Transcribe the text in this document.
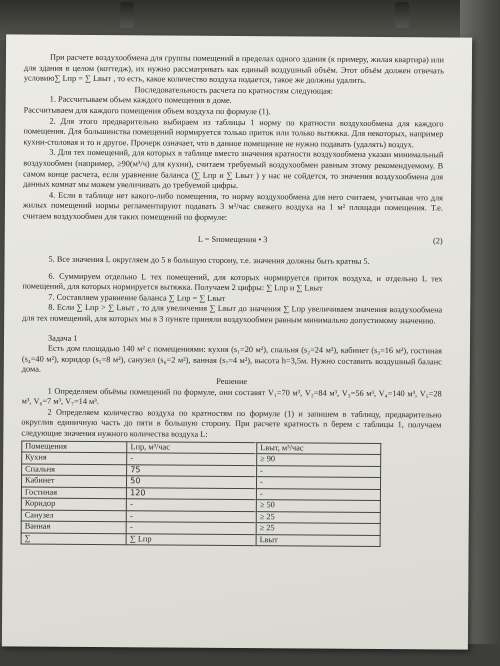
При расчете воздухообмена для группы помещений в пределах одного здания (к примеру, жилая квартира) или для здания в целом (коттедж), их нужно рассматривать как единый воздушный объём. Этот объём должен отвечать условию∑ Lпр = ∑ Lвыт , то есть, какое количество воздуха подается, такое же должны удалить.

Последовательность расчета по кратностям следующая:

1. Рассчитываем объем каждого помещения в доме.

Рассчитываем для каждого помещения объем воздуха по формуле (1).

2. Для этого предварительно выбираем из таблицы 1 норму по кратности воздухообмена для каждого помещения. Для большинства помещений нормируется только приток или только вытяжка. Для некоторых, например кухни-столовая и то и другое. Прочерк означает, что в данное помещение не нужно подавать (удалять) воздух.

3. Для тех помещений, для которых в таблице вместо значения кратности воздухообмена указан минимальный воздухообмен (например, ≥90(м³/ч) для кухни), считаем требуемый воздухообмен равным этому рекомендуемому. В самом конце расчета, если уравнение баланса (∑ Lпр и ∑ Lвыт ) у нас не сойдется, то значения воздухообмена для данных комнат мы можем увеличивать до требуемой цифры.

4. Если в таблице нет какого-либо помещения, то норму воздухообмена для него считаем, учитывая что для жилых помещений нормы регламентируют подавать 3 м³/час свежего воздуха на 1 м² площади помещения. Т.е. считаем воздухообмен для таких помещений по формуле:

L = Sпомещения • 3	(2)

5. Все значения L округляем до 5 в большую сторону, т.е. значения должны быть кратны 5.

6. Суммируем отдельно L тех помещений, для которых нормируется приток воздуха, и отдельно L тех помещений, для которых нормируется вытяжка. Получаем 2 цифры: ∑ Lпр и ∑ Lвыт

7. Составляем уравнение баланса ∑ Lпр = ∑ Lвыт

8. Если ∑ Lпр > ∑ Lвыт , то для увеличения ∑ Lвыт до значения ∑ Lпр увеличиваем значения воздухообмена для тех помещений, для которых мы в 3 пункте приняли воздухообмен равным минимально допустимому значению.

Задача 1

Есть дом площадью 140 м² с помещениями: кухня (s₁=20 м²), спальня (s₂=24 м²), кабинет (s₃=16 м²), гостиная (s₄=40 м²), коридор (s₅=8 м²), санузел (s₆=2 м²), ванная (s₇=4 м²), высота h=3,5м. Нужно составить воздушный баланс дома.

Решение

1 Определяем объёмы помещений по формуле, они составят V₁=70 м³, V₂=84 м³, V₃=56 м³, V₄=140 м³, V₅=28 м³, V₆=7 м³, V₇=14 м³.

2 Определяем количество воздуха по кратностям по формуле (1) и запишем в таблицу, предварительно округлив единичную часть до пяти в большую сторону. При расчете кратность n берем с таблицы 1, получаем следующие значения нужного количества воздуха L:

Помещения	Lпр, м³/час	Lвыт, м³/час
Кухня	-	≥ 90
Спальня	75	-
Кабинет	50	-
Гостиная	120	-
Коридор	-	≥ 50
Санузел	-	≥ 25
Ванная	-	≥ 25
∑	∑ Lпр	Lвыт
